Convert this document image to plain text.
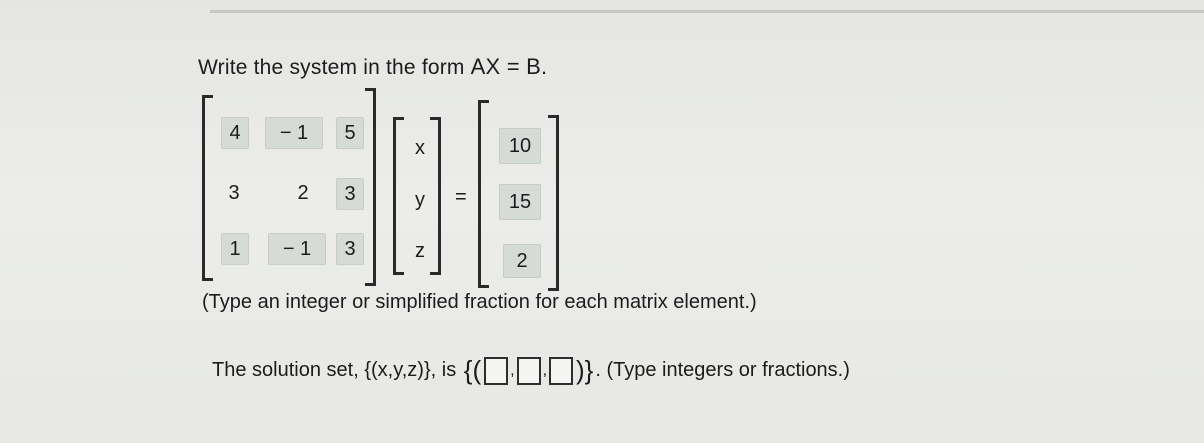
Write the system in the form AX = B.
4	− 1	5
3	2	3
1	− 1	3
x
y
z
=
10
15
2
(Type an integer or simplified fraction for each matrix element.)
The solution set,
{(x,y,z)},
is
{( , , )} . (Type integers or fractions.)
